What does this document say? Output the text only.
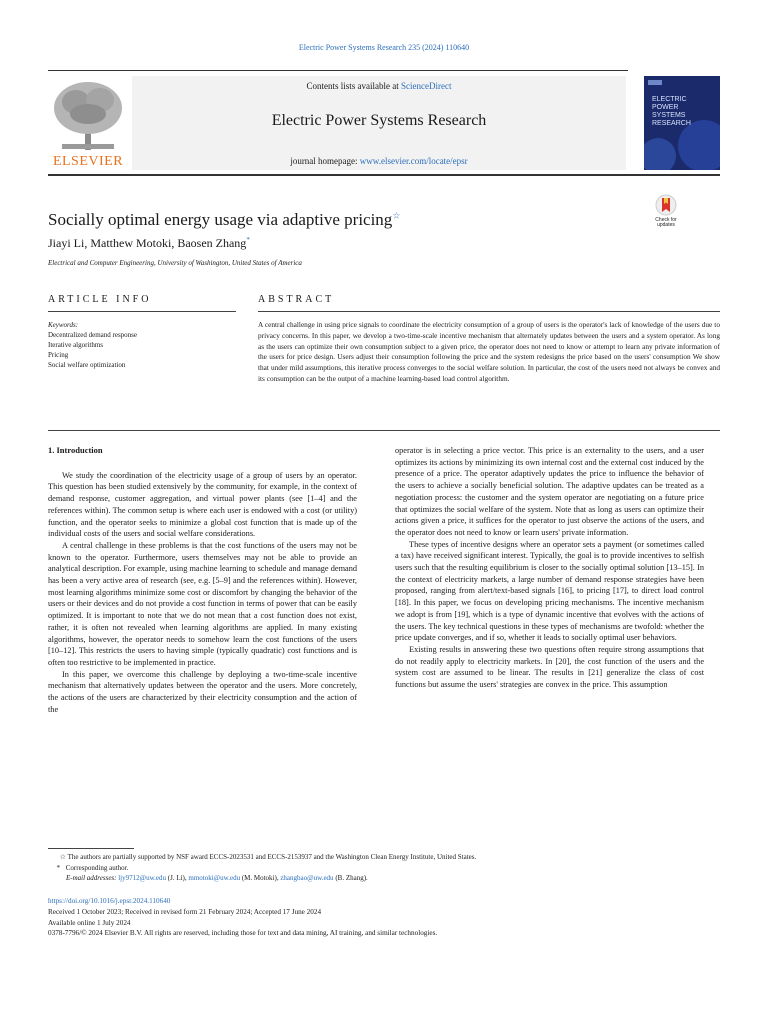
Electric Power Systems Research 235 (2024) 110640
ELSEVIER
Contents lists available at ScienceDirect
Electric Power Systems Research
journal homepage: www.elsevier.com/locate/epsr
ELECTRIC
POWER
SYSTEMS
RESEARCH
Check for
updates
Socially optimal energy usage via adaptive pricing☆
Jiayi Li, Matthew Motoki, Baosen Zhang*
Electrical and Computer Engineering, University of Washington, United States of America
ARTICLE INFO	ABSTRACT
Keywords:
Decentralized demand response
Iterative algorithms
Pricing
Social welfare optimization
A central challenge in using price signals to coordinate the electricity consumption of a group of users is the operator's lack of knowledge of the users due to privacy concerns. In this paper, we develop a two-time-scale incentive mechanism that alternately updates between the users and a system operator. As long as the users can optimize their own consumption subject to a given price, the operator does not need to know or attempt to learn any private information of the users for price design. Users adjust their consumption following the price and the system redesigns the price based on the users' consumption We show that under mild assumptions, this iterative process converges to the social welfare solution. In particular, the cost of the users need not always be convex and its consumption can be the output of a machine learning-based load control algorithm.
1. Introduction

We study the coordination of the electricity usage of a group of users by an operator. This question has been studied extensively by the community, for example, in the context of demand response, customer aggregation, and virtual power plants (see [1–4] and the references within). The common setup is where each user is endowed with a cost (or utility) function, and the operator seeks to minimize a global cost function that is made up of the individual costs of the users and social welfare considerations.

A central challenge in these problems is that the cost functions of the users may not be known to the operator. Furthermore, users themselves may not be able to provide an analytical description. For example, using machine learning to schedule and manage demand has been a very active area of research (see, e.g. [5–9] and the references within). However, most learning algorithms minimize some cost or discomfort by changing the behavior of the users or their devices and do not provide a cost function in terms of power that can be easily optimized. It is important to note that we do not mean that a cost function does not exist, rather, it is often not revealed when learning algorithms are applied. In many existing algorithms, however, the operator needs to somehow learn the cost functions of the users [10–12]. This restricts the users to having simple (typically quadratic) cost functions and is often too restrictive to be implemented in practice.

In this paper, we overcome this challenge by deploying a two-time-scale incentive mechanism that alternatively updates between the operator and the users. More concretely, the actions of the users are characterized by their electricity consumption and the action of the

operator is in selecting a price vector. This price is an externality to the users, and a user optimizes its actions by minimizing its own internal cost and the external cost induced by the presence of a price. The operator adaptively updates the price to influence the behavior of the users to achieve a socially beneficial solution. The adaptive updates can be treated as a negotiation process: the customer and the system operator are negotiating on a future price that optimizes the social welfare of the system. Note that as long as users can optimize their actions given a price, it suffices for the operator to just observe the actions of the users, and the operator does not need to know or learn users' private information.

These types of incentive designs where an operator sets a payment (or sometimes called a tax) have received significant interest. Typically, the goal is to provide incentives to selfish users such that the resulting equilibrium is closer to the socially optimal solution [13–15]. In the context of electricity markets, a large number of demand response strategies have been proposed, ranging from alert/text-based signals [16], to pricing [17], to direct load control [18]. In this paper, we focus on developing pricing mechanisms. The incentive mechanism we adopt is from [19], which is a type of dynamic incentive that evolves with the actions of the users. The key technical questions in these types of mechanisms are twofold: whether the price update converges, and if so, whether it leads to socially optimal user behaviors.

Existing results in answering these two questions often require strong assumptions that do not readily apply to electricity markets. In [20], the cost function of the users and the system cost are assumed to be linear. The results in [21] generalize the class of cost functions but assume the users' strategies are convex in the price. This assumption

☆ The authors are partially supported by NSF award ECCS-2023531 and ECCS-2153937 and the Washington Clean Energy Institute, United States.

* Corresponding author.

E-mail addresses: ljy9712@uw.edu (J. Li), mmotoki@uw.edu (M. Motoki), zhangbao@uw.edu (B. Zhang).

https://doi.org/10.1016/j.epsr.2024.110640

Received 1 October 2023; Received in revised form 21 February 2024; Accepted 17 June 2024

Available online 1 July 2024

0378-7796/© 2024 Elsevier B.V. All rights are reserved, including those for text and data mining, AI training, and similar technologies.
